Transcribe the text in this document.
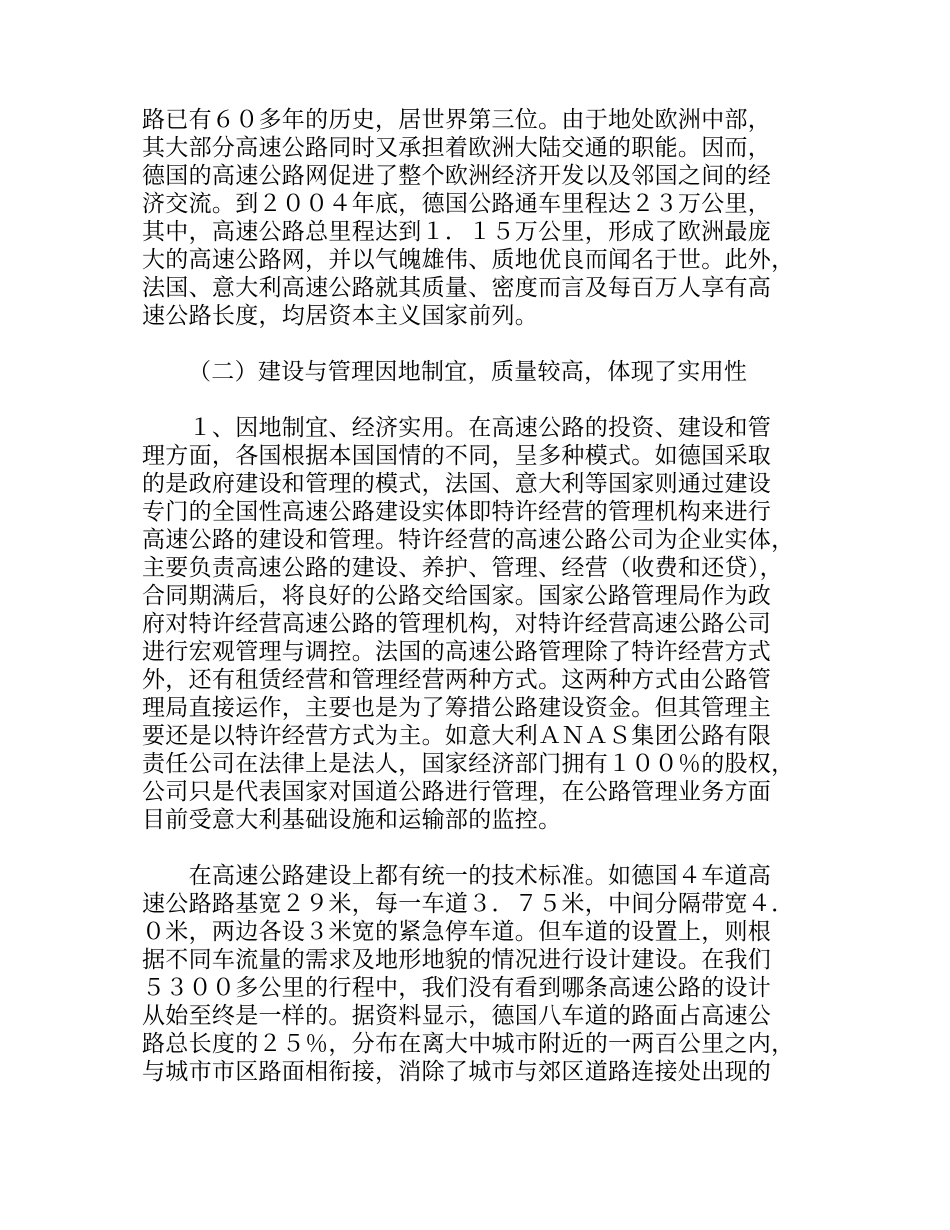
路已有６０多年的历史，居世界第三位。由于地处欧洲中部，
其大部分高速公路同时又承担着欧洲大陆交通的职能。因而，
德国的高速公路网促进了整个欧洲经济开发以及邻国之间的经
济交流。到２００４年底，德国公路通车里程达２３万公里，
其中，高速公路总里程达到１．１５万公里，形成了欧洲最庞
大的高速公路网，并以气魄雄伟、质地优良而闻名于世。此外，
法国、意大利高速公路就其质量、密度而言及每百万人享有高
速公路长度，均居资本主义国家前列。
（二）建设与管理因地制宜，质量较高，体现了实用性
　　１、因地制宜、经济实用。在高速公路的投资、建设和管
理方面，各国根据本国国情的不同，呈多种模式。如德国采取
的是政府建设和管理的模式，法国、意大利等国家则通过建设
专门的全国性高速公路建设实体即特许经营的管理机构来进行
高速公路的建设和管理。特许经营的高速公路公司为企业实体，
主要负责高速公路的建设、养护、管理、经营（收费和还贷），
合同期满后，将良好的公路交给国家。国家公路管理局作为政
府对特许经营高速公路的管理机构，对特许经营高速公路公司
进行宏观管理与调控。法国的高速公路管理除了特许经营方式
外，还有租赁经营和管理经营两种方式。这两种方式由公路管
理局直接运作，主要也是为了筹措公路建设资金。但其管理主
要还是以特许经营方式为主。如意大利ＡＮＡＳ集团公路有限
责任公司在法律上是法人，国家经济部门拥有１００％的股权，
公司只是代表国家对国道公路进行管理，在公路管理业务方面
目前受意大利基础设施和运输部的监控。
　　在高速公路建设上都有统一的技术标准。如德国４车道高
速公路路基宽２９米，每一车道３．７５米，中间分隔带宽４．
０米，两边各设３米宽的紧急停车道。但车道的设置上，则根
据不同车流量的需求及地形地貌的情况进行设计建设。在我们
５３００多公里的行程中，我们没有看到哪条高速公路的设计
从始至终是一样的。据资料显示，德国八车道的路面占高速公
路总长度的２５％，分布在离大中城市附近的一两百公里之内，
与城市市区路面相衔接，消除了城市与郊区道路连接处出现的
